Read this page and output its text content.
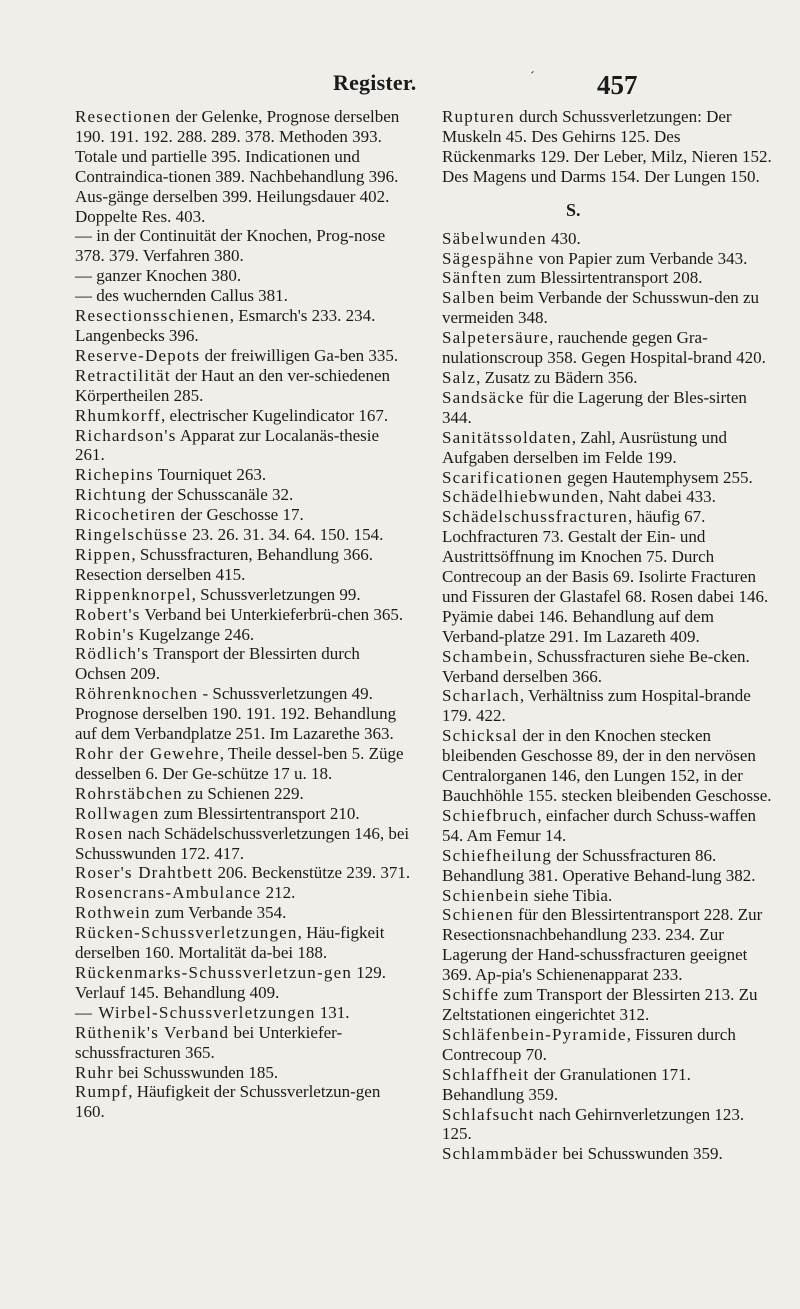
Register.	´ 457

Resectionen der Gelenke, Prognose derselben 190. 191. 192. 288. 289. 378. Methoden 393. Totale und partielle 395. Indicationen und Contraindica-tionen 389. Nachbehandlung 396. Aus-gänge derselben 399. Heilungsdauer 402. Doppelte Res. 403.

— in der Continuität der Knochen, Prog-nose 378. 379. Verfahren 380.

— ganzer Knochen 380.

— des wuchernden Callus 381.

Resectionsschienen, Esmarch's 233. 234. Langenbecks 396.

Reserve-Depots der freiwilligen Ga-ben 335.

Retractilität der Haut an den ver-schiedenen Körpertheilen 285.

Rhumkorff, electrischer Kugelindicator 167.

Richardson's Apparat zur Localanäs-thesie 261.

Richepins Tourniquet 263.

Richtung der Schusscanäle 32.

Ricochetiren der Geschosse 17.

Ringelschüsse 23. 26. 31. 34. 64. 150. 154.

Rippen, Schussfracturen, Behandlung 366. Resection derselben 415.

Rippenknorpel, Schussverletzungen 99.

Robert's Verband bei Unterkieferbrü-chen 365.

Robin's Kugelzange 246.

Rödlich's Transport der Blessirten durch Ochsen 209.

Röhrenknochen - Schussverletzungen 49. Prognose derselben 190. 191. 192. Behandlung auf dem Verbandplatze 251. Im Lazarethe 363.

Rohr der Gewehre, Theile dessel-ben 5. Züge desselben 6. Der Ge-schütze 17 u. 18.

Rohrstäbchen zu Schienen 229.

Rollwagen zum Blessirtentransport 210.

Rosen nach Schädelschussverletzungen 146, bei Schusswunden 172. 417.

Roser's Drahtbett 206. Beckenstütze 239. 371.

Rosencrans-Ambulance 212.

Rothwein zum Verbande 354.

Rücken-Schussverletzungen, Häu-figkeit derselben 160. Mortalität da-bei 188.

Rückenmarks-Schussverletzun-gen 129. Verlauf 145. Behandlung 409.

— Wirbel-Schussverletzungen 131.

Rüthenik's Verband bei Unterkiefer-schussfracturen 365.

Ruhr bei Schusswunden 185.

Rumpf, Häufigkeit der Schussverletzun-gen 160.

Rupturen durch Schussverletzungen: Der Muskeln 45. Des Gehirns 125. Des Rückenmarks 129. Der Leber, Milz, Nieren 152. Des Magens und Darms 154. Der Lungen 150.

S.

Säbelwunden 430.

Sägespähne von Papier zum Verbande 343.

Sänften zum Blessirtentransport 208.

Salben beim Verbande der Schusswun-den zu vermeiden 348.

Salpetersäure, rauchende gegen Gra-nulationscroup 358. Gegen Hospital-brand 420.

Salz, Zusatz zu Bädern 356.

Sandsäcke für die Lagerung der Bles-sirten 344.

Sanitätssoldaten, Zahl, Ausrüstung und Aufgaben derselben im Felde 199.

Scarificationen gegen Hautemphysem 255.

Schädelhiebwunden, Naht dabei 433.

Schädelschussfracturen, häufig 67. Lochfracturen 73. Gestalt der Ein- und Austrittsöffnung im Knochen 75. Durch Contrecoup an der Basis 69. Isolirte Fracturen und Fissuren der Glastafel 68. Rosen dabei 146. Pyämie dabei 146. Behandlung auf dem Verband-platze 291. Im Lazareth 409.

Schambein, Schussfracturen siehe Be-cken. Verband derselben 366.

Scharlach, Verhältniss zum Hospital-brande 179. 422.

Schicksal der in den Knochen stecken bleibenden Geschosse 89, der in den nervösen Centralorganen 146, den Lungen 152, in der Bauchhöhle 155. stecken bleibenden Geschosse.

Schiefbruch, einfacher durch Schuss-waffen 54. Am Femur 14.

Schiefheilung der Schussfracturen 86. Behandlung 381. Operative Behand-lung 382.

Schienbein siehe Tibia.

Schienen für den Blessirtentransport 228. Zur Resectionsnachbehandlung 233. 234. Zur Lagerung der Hand-schussfracturen geeignet 369. Ap-pia's Schienenapparat 233.

Schiffe zum Transport der Blessirten 213. Zu Zeltstationen eingerichtet 312.

Schläfenbein-Pyramide, Fissuren durch Contrecoup 70.

Schlaffheit der Granulationen 171. Behandlung 359.

Schlafsucht nach Gehirnverletzungen 123. 125.

Schlammbäder bei Schusswunden 359.
